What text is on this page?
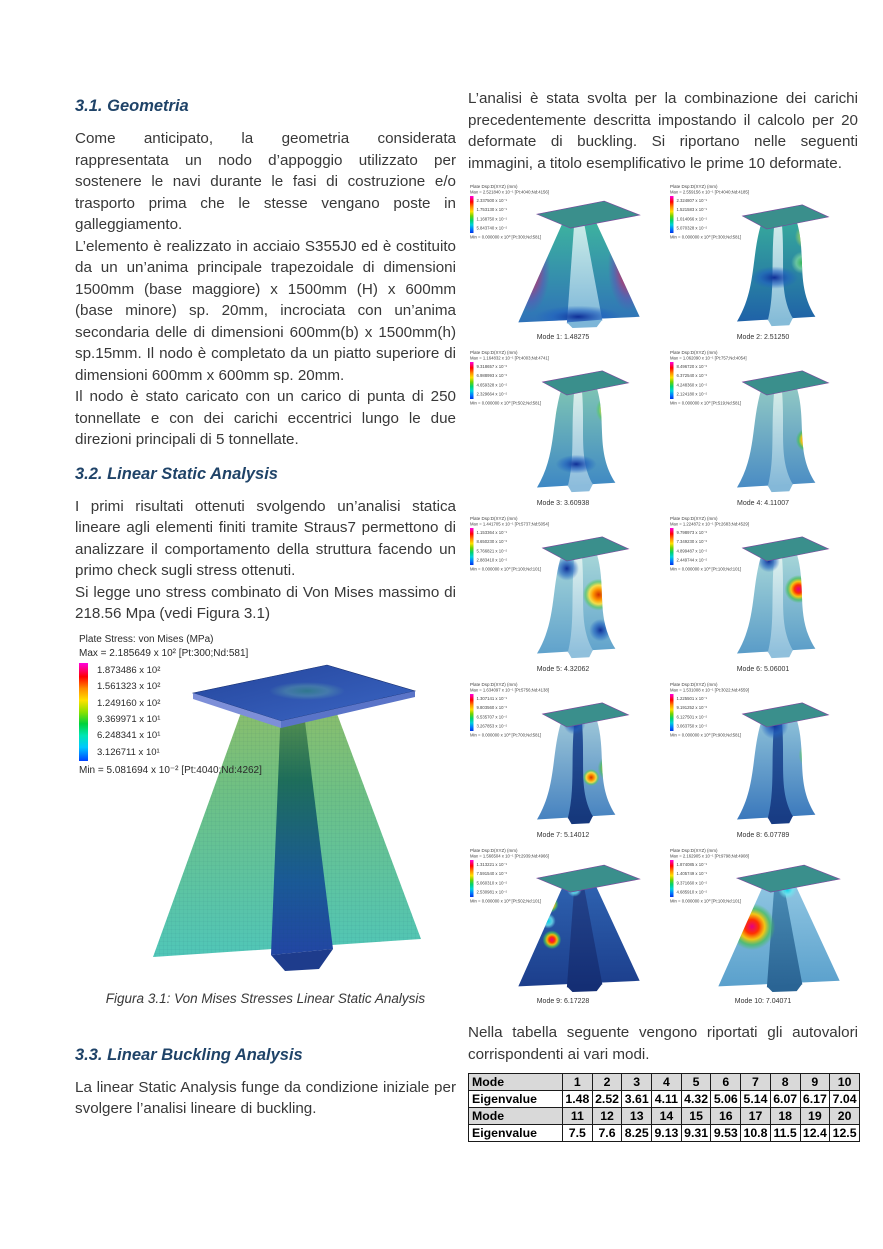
3.1. Geometria

Come anticipato, la geometria considerata rappresentata un nodo d’appoggio utilizzato per sostenere le navi durante le fasi di costruzione e/o trasporto prima che le stesse vengano poste in galleggiamento.

L’elemento è realizzato in acciaio S355J0 ed è costituito da un un’anima principale trapezoidale di dimensioni 1500mm (base maggiore) x 1500mm (H) x 600mm (base minore) sp. 20mm, incrociata con un’anima secondaria delle di dimensioni 600mm(b) x 1500mm(h) sp.15mm. Il nodo è completato da un piatto superiore di dimensioni 600mm x 600mm sp. 20mm.

Il nodo è stato caricato con un carico di punta di 250 tonnellate e con dei carichi eccentrici lungo le due direzioni principali di 5 tonnellate.

3.2. Linear Static Analysis

I primi risultati ottenuti svolgendo un’analisi statica lineare agli elementi finiti tramite Straus7 permettono di analizzare il comportamento della struttura facendo un primo check sugli stress ottenuti.

Si legge uno stress combinato di Von Mises massimo di 218.56 Mpa (vedi Figura 3.1)

Plate Stress: von Mises (MPa)
Max = 2.185649 x 10² [Pt:300;Nd:581]
1.873486 x 10²
1.561323 x 10²
1.249160 x 10²
9.369971 x 10¹
6.248341 x 10¹
3.126711 x 10¹
Min = 5.081694 x 10⁻² [Pt:4040;Nd:4262]
Figura 3.1: Von Mises Stresses Linear Static Analysis
3.3. Linear Buckling Analysis

La linear Static Analysis funge da condizione iniziale per svolgere l’analisi lineare di buckling.

L’analisi è stata svolta per la combinazione dei carichi precedentemente descritta impostando il calcolo per 20 deformate di buckling. Si riportano nelle seguenti immagini, a titolo esemplificativo le prime 10 deformate.

Plate Dsp:D(XYZ) (mm)
Max = 2.521840 x 10⁻¹ [Pt:4040;Nd:4156]
2.337500 x 10⁻¹
1.753130 x 10⁻¹
1.168750 x 10⁻¹
5.843740 x 10⁻²
Min = 0.000000 x 10⁰ [Pt:300;Nd:581]
Mode 1: 1.48275
Plate Dsp:D(XYZ) (mm)
Max = 2.559156 x 10⁻¹ [Pt:4040;Nd:4185]
2.324807 x 10⁻¹
1.521583 x 10⁻¹
1.014066 x 10⁻¹
5.070328 x 10⁻²
Min = 0.000000 x 10⁰ [Pt:300;Nd:581]
Mode 2: 2.51250
Plate Dsp:D(XYZ) (mm)
Max = 1.164832 x 10⁻¹ [Pt:4003;Nd:4741]
9.318657 x 10⁻²
6.988993 x 10⁻²
4.659328 x 10⁻²
2.329664 x 10⁻²
Min = 0.000000 x 10⁰ [Pt:502;Nd:581]
Mode 3: 3.60938
Plate Dsp:D(XYZ) (mm)
Max = 1.062090 x 10⁻¹ [Pt:757;Nd:4054]
8.496720 x 10⁻²
6.372540 x 10⁻²
4.248360 x 10⁻²
2.124180 x 10⁻²
Min = 0.000000 x 10⁰ [Pt:519;Nd:581]
Mode 4: 4.11007
Plate Dsp:D(XYZ) (mm)
Max = 1.441705 x 10⁻¹ [Pt:5737;Nd:5054]
1.153364 x 10⁻¹
8.650230 x 10⁻²
5.766821 x 10⁻²
2.883410 x 10⁻²
Min = 0.000000 x 10⁰ [Pt:100;Nd:101]
Mode 5: 4.32062
Plate Dsp:D(XYZ) (mm)
Max = 1.224872 x 10⁻¹ [Pt:2683;Nd:4529]
9.798973 x 10⁻²
7.349230 x 10⁻²
4.899487 x 10⁻²
2.449744 x 10⁻²
Min = 0.000000 x 10⁰ [Pt:100;Nd:101]
Mode 6: 5.06001
Plate Dsp:D(XYZ) (mm)
Max = 1.634097 x 10⁻¹ [Pt:5756;Nd:4138]
1.307141 x 10⁻¹
9.803560 x 10⁻²
6.535707 x 10⁻²
3.267853 x 10⁻²
Min = 0.000000 x 10⁰ [Pt:700;Nd:581]
Mode 7: 5.14012
Plate Dsp:D(XYZ) (mm)
Max = 1.531008 x 10⁻¹ [Pt:3022;Nd:4559]
1.225501 x 10⁻¹
9.191252 x 10⁻²
6.127501 x 10⁻²
3.063750 x 10⁻²
Min = 0.000000 x 10⁰ [Pt:900;Nd:581]
Mode 8: 6.07789
Plate Dsp:D(XYZ) (mm)
Max = 1.566504 x 10⁻¹ [Pt:2939;Nd:4966]
1.313221 x 10⁻¹
7.591540 x 10⁻²
5.060310 x 10⁻²
2.530981 x 10⁻²
Min = 0.000000 x 10⁰ [Pt:502;Nd:101]
Mode 9: 6.17228
Plate Dsp:D(XYZ) (mm)
Max = 2.162905 x 10⁻¹ [Pt:9798;Nd:4908]
1.874085 x 10⁻¹
1.405749 x 10⁻¹
9.371660 x 10⁻²
4.685910 x 10⁻²
Min = 0.000000 x 10⁰ [Pt:100;Nd:101]
Mode 10: 7.04071

Nella tabella seguente vengono riportati gli autovalori corrispondenti ai vari modi.

Mode	1	2	3	4	5	6	7	8	9	10
Eigenvalue	1.48	2.52	3.61	4.11	4.32	5.06	5.14	6.07	6.17	7.04
Mode	11	12	13	14	15	16	17	18	19	20
Eigenvalue	7.5	7.6	8.25	9.13	9.31	9.53	10.8	11.5	12.4	12.5
